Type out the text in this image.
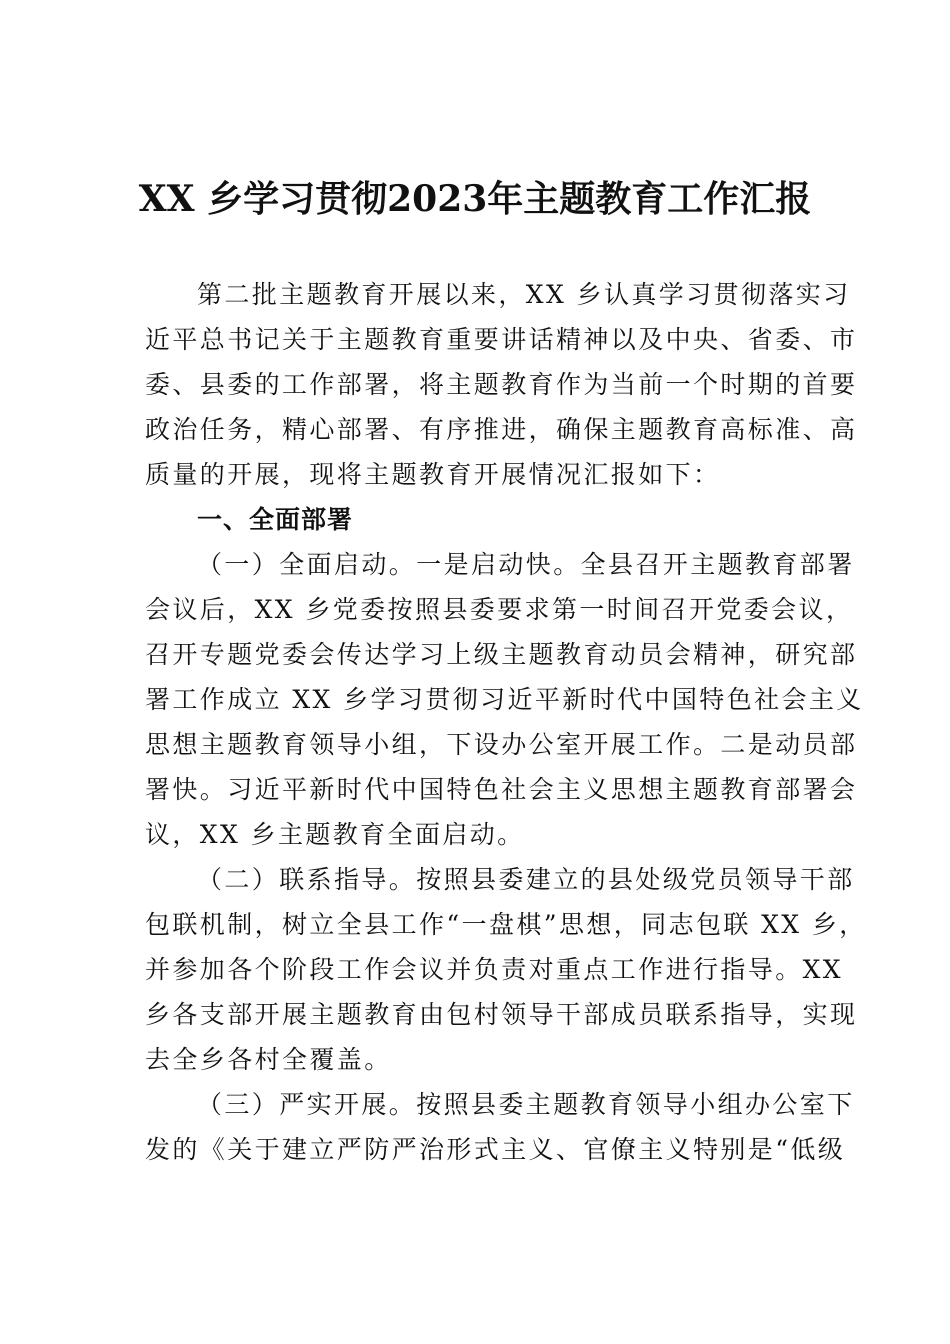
XX 乡学习贯彻2023年主题教育工作汇报
第二批主题教育开展以来，XX 乡认真学习贯彻落实习
近平总书记关于主题教育重要讲话精神以及中央、省委、市
委、县委的工作部署，将主题教育作为当前一个时期的首要
政治任务，精心部署、有序推进，确保主题教育高标准、高
质量的开展，现将主题教育开展情况汇报如下：
一、全面部署
（一）全面启动。一是启动快。全县召开主题教育部署
会议后，XX 乡党委按照县委要求第一时间召开党委会议，
召开专题党委会传达学习上级主题教育动员会精神，研究部
署工作成立 XX 乡学习贯彻习近平新时代中国特色社会主义
思想主题教育领导小组，下设办公室开展工作。二是动员部
署快。习近平新时代中国特色社会主义思想主题教育部署会
议，XX 乡主题教育全面启动。
（二）联系指导。按照县委建立的县处级党员领导干部
包联机制，树立全县工作“一盘棋”思想，同志包联 XX 乡，
并参加各个阶段工作会议并负责对重点工作进行指导。XX
乡各支部开展主题教育由包村领导干部成员联系指导，实现
去全乡各村全覆盖。
（三）严实开展。按照县委主题教育领导小组办公室下
发的《关于建立严防严治形式主义、官僚主义特别是“低级
